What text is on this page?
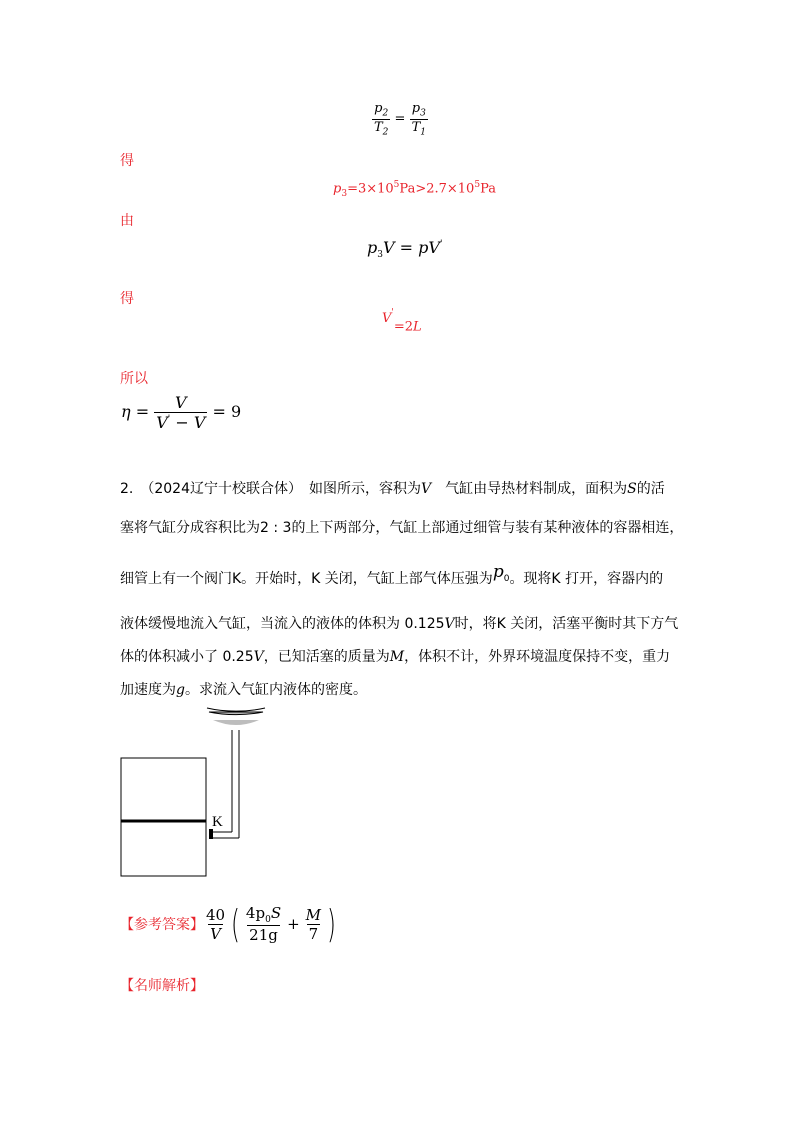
$\frac{p_2}{T_2} = \frac{p_3}{T_1}$
得
$p_3=3\times 10^5Pa>2.7\times 10^5Pa$
由
$p_3V = pV'$
得
V'=2L
所以
$\eta = \frac{V}{V' - V} = 9$
2.　（2024辽宁十校联合体）　如图所示，容积为V　气缸由导热材料制成，面积为S的活
塞将气缸分成容积比为2 : 3的上下两部分，气缸上部通过细管与装有某种液体的容器相连，
细管上有一个阀门K。开始时，K 关闭，气缸上部气体压强为$p_0$。现将K 打开，容器内的
液体缓慢地流入气缸，当流入的液体的体积为 0.125V时，将K 关闭，活塞平衡时其下方气
体的体积减小了 0.25V，已知活塞的质量为M，体积不计，外界环境温度保持不变，重力
加速度为g。求流入气缸内液体的密度。
K
【参考答案】 $\frac{40}{V}$ ( $\frac{4p_0S}{21g} + \frac{M}{7}$ )
【名师解析】
